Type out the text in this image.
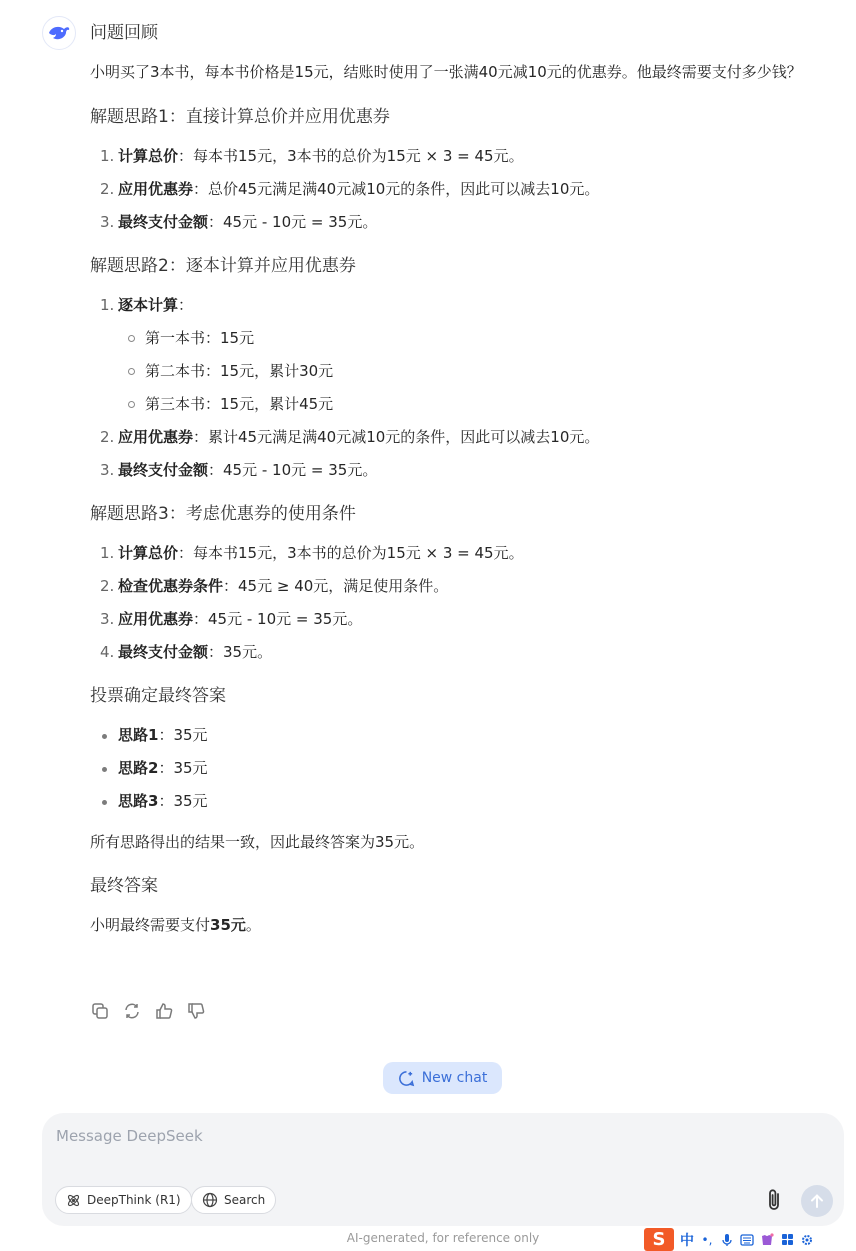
问题回顾

小明买了3本书，每本书价格是15元，结账时使用了一张满40元减10元的优惠券。他最终需要支付多少钱？

解题思路1：直接计算总价并应用优惠券
1. 计算总价：每本书15元，3本书的总价为15元 × 3 = 45元。
2. 应用优惠券：总价45元满足满40元减10元的条件，因此可以减去10元。
3. 最终支付金额：45元 - 10元 = 35元。
解题思路2：逐本计算并应用优惠券
1. 逐本计算：
第一本书：15元
第二本书：15元，累计30元
第三本书：15元，累计45元
2. 应用优惠券：累计45元满足满40元减10元的条件，因此可以减去10元。
3. 最终支付金额：45元 - 10元 = 35元。
解题思路3：考虑优惠券的使用条件
1. 计算总价：每本书15元，3本书的总价为15元 × 3 = 45元。
2. 检查优惠券条件：45元 ≥ 40元，满足使用条件。
3. 应用优惠券：45元 - 10元 = 35元。
4. 最终支付金额：35元。
投票确定最终答案
思路1：35元
思路2：35元
思路3：35元

所有思路得出的结果一致，因此最终答案为35元。

最终答案

小明最终需要支付35元。

New chat
Message DeepSeek
DeepThink (R1)	Search
AI-generated, for reference only	S	中 •,
